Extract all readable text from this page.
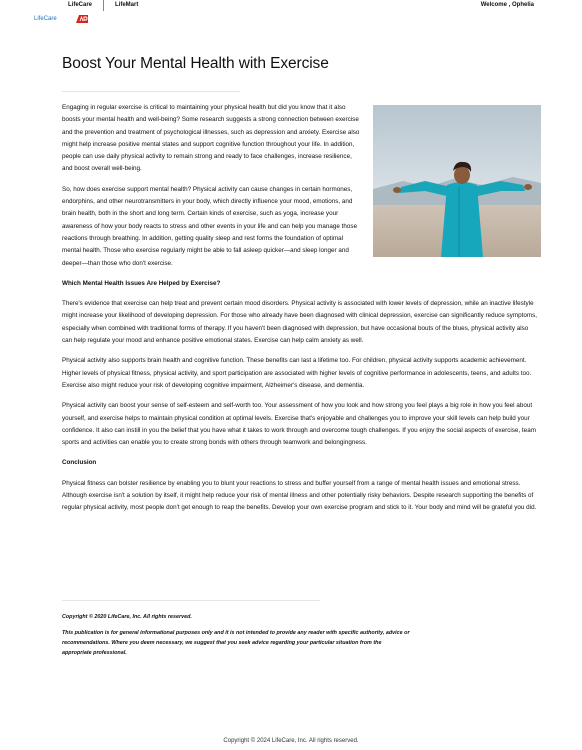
LifeCare	LifeMart	Welcome , Ophelia
LifeCare
Boost Your Mental Health with Exercise

Engaging in regular exercise is critical to maintaining your physical health but did you know that it also boosts your mental health and well-being? Some research suggests a strong connection between exercise and the prevention and treatment of psychological illnesses, such as depression and anxiety. Exercise also might help increase positive mental states and support cognitive function throughout your life. In addition, people can use daily physical activity to remain strong and ready to face challenges, increase resilience, and boost overall well-being.

So, how does exercise support mental health? Physical activity can cause changes in certain hormones, endorphins, and other neurotransmitters in your body, which directly influence your mood, emotions, and brain health, both in the short and long term. Certain kinds of exercise, such as yoga, increase your awareness of how your body reacts to stress and other events in your life and can help you manage those reactions through breathing. In addition, getting quality sleep and rest forms the foundation of optimal mental health. Those who exercise regularly might be able to fall asleep quicker—and sleep longer and deeper—than those who don't exercise.

Which Mental Health Issues Are Helped by Exercise?

There's evidence that exercise can help treat and prevent certain mood disorders. Physical activity is associated with lower levels of depression, while an inactive lifestyle might increase your likelihood of developing depression. For those who already have been diagnosed with clinical depression, exercise can significantly reduce symptoms, especially when combined with traditional forms of therapy. If you haven't been diagnosed with depression, but have occasional bouts of the blues, physical activity also can help regulate your mood and enhance positive emotional states. Exercise can help calm anxiety as well.

Physical activity also supports brain health and cognitive function. These benefits can last a lifetime too. For children, physical activity supports academic achievement. Higher levels of physical fitness, physical activity, and sport participation are associated with higher levels of cognitive performance in adolescents, teens, and adults too. Exercise also might reduce your risk of developing cognitive impairment, Alzheimer's disease, and dementia.

Physical activity can boost your sense of self-esteem and self-worth too. Your assessment of how you look and how strong you feel plays a big role in how you feel about yourself, and exercise helps to maintain physical condition at optimal levels. Exercise that's enjoyable and challenges you to improve your skill levels can help build your confidence. It also can instill in you the belief that you have what it takes to work through and overcome tough challenges. If you enjoy the social aspects of exercise, team sports and activities can enable you to create strong bonds with others through teamwork and belongingness.

Conclusion

Physical fitness can bolster resilience by enabling you to blunt your reactions to stress and buffer yourself from a range of mental health issues and emotional stress. Although exercise isn't a solution by itself, it might help reduce your risk of mental illness and other potentially risky behaviors. Despite research supporting the benefits of regular physical activity, most people don't get enough to reap the benefits. Develop your own exercise program and stick to it. Your body and mind will be grateful you did.

Copyright © 2020 LifeCare, Inc. All rights reserved.
This publication is for general informational purposes only and it is not intended to provide any reader with specific authority, advice or recommendations. Where you deem necessary, we suggest that you seek advice regarding your particular situation from the appropriate professional.
Copyright © 2024 LifeCare, Inc. All rights reserved.
